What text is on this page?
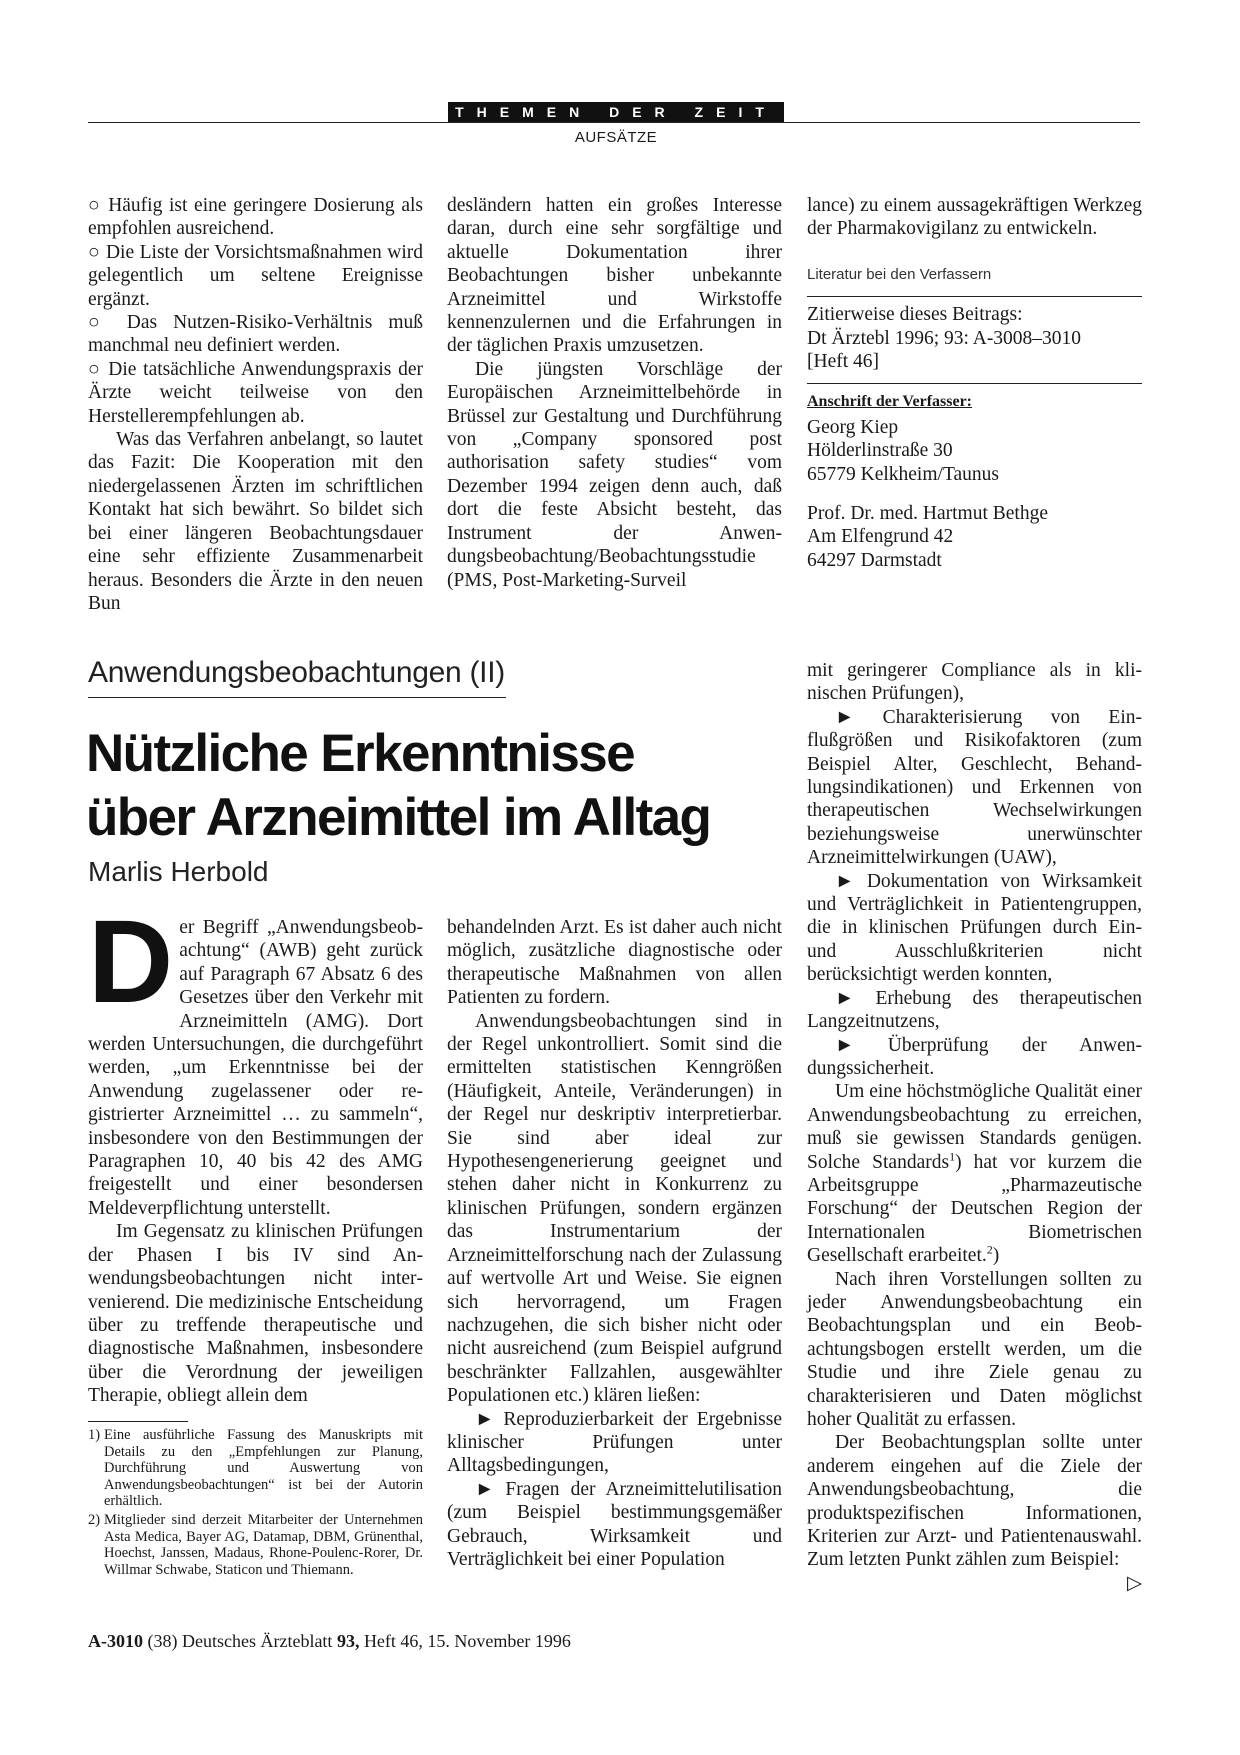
THEMEN DER ZEIT
AUFSÄTZE

○ Häufig ist eine geringere Dosierung als empfohlen ausreichend.

○ Die Liste der Vorsichtsmaßnahmen wird gelegentlich um seltene Ereignisse ergänzt.

○ Das Nutzen-Risiko-Verhältnis muß manchmal neu definiert werden.

○ Die tatsächliche Anwendungspraxis der Ärzte weicht teilweise von den Herstellerempfehlungen ab.

Was das Verfahren anbelangt, so lautet das Fazit: Die Kooperation mit den niedergelassenen Ärzten im schriftlichen Kontakt hat sich bewährt. So bildet sich bei einer längeren Beobachtungsdauer eine sehr effiziente Zusammenarbeit heraus. Besonders die Ärzte in den neuen Bun

desländern hatten ein großes Interesse daran, durch eine sehr sorgfältige und aktuelle Dokumentation ihrer Beobachtungen bisher unbekannte Arzneimittel und Wirkstoffe kennenzulernen und die Erfahrungen in der täglichen Praxis umzusetzen.

Die jüngsten Vorschläge der Europäischen Arzneimittelbehörde in Brüssel zur Gestaltung und Durchführung von „Company sponsored post authorisation safety studies“ vom Dezember 1994 zeigen denn auch, daß dort die feste Absicht besteht, das Instrument der Anwendungsbeobachtung/Beobachtungsstudie (PMS, Post-Marketing-Surveil

lance) zu einem aussagekräftigen Werkzeg der Pharmakovigilanz zu entwickeln.

Literatur bei den Verfassern
Zitierweise dieses Beitrags:
Dt Ärztebl 1996; 93: A-3008–3010
[Heft 46]
Anschrift der Verfasser:
Georg Kiep
Hölderlinstraße 30
65779 Kelkheim/Taunus
Prof. Dr. med. Hartmut Bethge
Am Elfengrund 42
64297 Darmstadt
Anwendungsbeobachtungen (II)
Nützliche Erkenntnisse
über Arzneimittel im Alltag
Marlis Herbold

Der Begriff „Anwendungsbeobachtung“ (AWB) geht zurück auf Paragraph 67 Absatz 6 des Gesetzes über den Verkehr mit Arzneimitteln (AMG). Dort werden Untersuchungen, die durchgeführt werden, „um Erkenntnisse bei der Anwendung zugelassener oder registrierter Arzneimittel … zu sammeln“, insbesondere von den Bestimmungen der Paragraphen 10, 40 bis 42 des AMG freigestellt und einer besondersen Meldeverpflichtung unterstellt.

Im Gegensatz zu klinischen Prüfungen der Phasen I bis IV sind Anwendungsbeobachtungen nicht intervenierend. Die medizinische Entscheidung über zu treffende therapeutische und diagnostische Maßnahmen, insbesondere über die Verordnung der jeweiligen Therapie, obliegt allein dem

1) Eine ausführliche Fassung des Manuskripts mit Details zu den „Empfehlungen zur Planung, Durchführung und Auswertung von Anwendungsbeobachtungen“ ist bei der Autorin erhältlich.
2) Mitglieder sind derzeit Mitarbeiter der Unternehmen Asta Medica, Bayer AG, Datamap, DBM, Grünenthal, Hoechst, Janssen, Madaus, Rhone-Poulenc-Rorer, Dr. Willmar Schwabe, Staticon und Thiemann.

behandelnden Arzt. Es ist daher auch nicht möglich, zusätzliche diagnostische oder therapeutische Maßnahmen von allen Patienten zu fordern.

Anwendungsbeobachtungen sind in der Regel unkontrolliert. Somit sind die ermittelten statistischen Kenngrößen (Häufigkeit, Anteile, Veränderungen) in der Regel nur deskriptiv interpretierbar. Sie sind aber ideal zur Hypothesengenerierung geeignet und stehen daher nicht in Konkurrenz zu klinischen Prüfungen, sondern ergänzen das Instrumentarium der Arzneimittelforschung nach der Zulassung auf wertvolle Art und Weise. Sie eignen sich hervorragend, um Fragen nachzugehen, die sich bisher nicht oder nicht ausreichend (zum Beispiel aufgrund beschränkter Fallzahlen, ausgewählter Populationen etc.) klären ließen:

► Reproduzierbarkeit der Ergebnisse klinischer Prüfungen unter Alltagsbedingungen,

► Fragen der Arzneimittelutilisation (zum Beispiel bestimmungsgemäßer Gebrauch, Wirksamkeit und Verträglichkeit bei einer Population

mit geringerer Compliance als in klinischen Prüfungen),

► Charakterisierung von Einflußgrößen und Risikofaktoren (zum Beispiel Alter, Geschlecht, Behandlungsindikationen) und Erkennen von therapeutischen Wechselwirkungen beziehungsweise unerwünschter Arzneimittelwirkungen (UAW),

► Dokumentation von Wirksamkeit und Verträglichkeit in Patientengruppen, die in klinischen Prüfungen durch Ein- und Ausschlußkriterien nicht berücksichtigt werden konnten,

► Erhebung des therapeutischen Langzeitnutzens,

► Überprüfung der Anwendungssicherheit.

Um eine höchstmögliche Qualität einer Anwendungsbeobachtung zu erreichen, muß sie gewissen Standards genügen. Solche Standards$^1$) hat vor kurzem die Arbeitsgruppe „Pharmazeutische Forschung“ der Deutschen Region der Internationalen Biometrischen Gesellschaft erarbeitet.$^2$)

Nach ihren Vorstellungen sollten zu jeder Anwendungsbeobachtung ein Beobachtungsplan und ein Beobachtungsbogen erstellt werden, um die Studie und ihre Ziele genau zu charakterisieren und Daten möglichst hoher Qualität zu erfassen.

Der Beobachtungsplan sollte unter anderem eingehen auf die Ziele der Anwendungsbeobachtung, die produktspezifischen Informationen, Kriterien zur Arzt- und Patientenauswahl. Zum letzten Punkt zählen zum Beispiel:
▷

A-3010 (38) Deutsches Ärzteblatt 93, Heft 46, 15. November 1996
